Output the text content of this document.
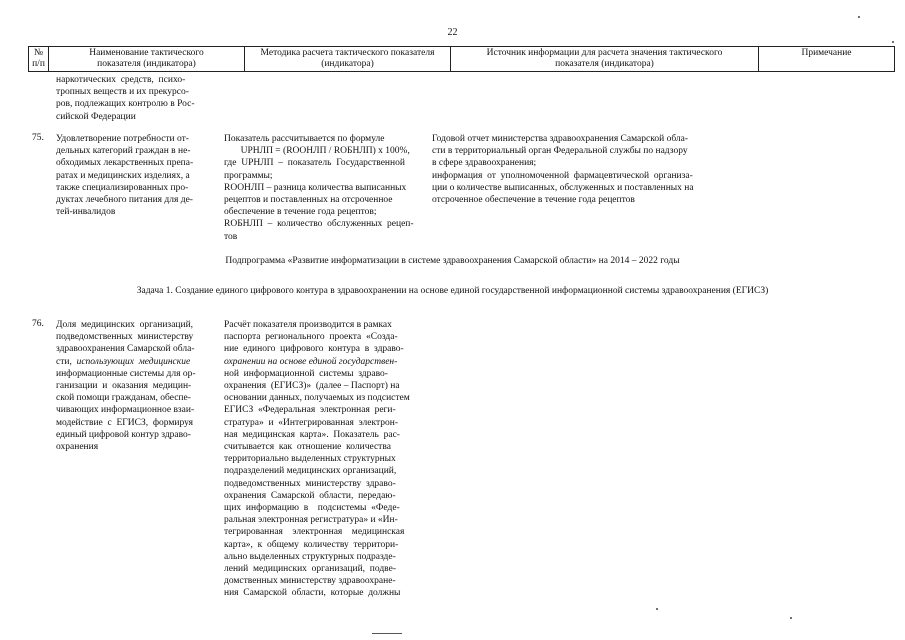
22
№ п/п
Наименование тактического
показателя (индикатора)
Методика расчета тактического показателя
(индикатора)
Источник информации для расчета значения тактического
показателя (индикатора)
Примечание

наркотических  средств,  психо-
тропных веществ и их прекурсо-
ров, подлежащих контролю в Рос-
сийской Федерации

75. Удовлетворение потребности от-
дельных категорий граждан в не-
обходимых лекарственных препа-
ратах и медицинских изделиях, а
также специализированных про-
дуктах лечебного питания для де-
тей-инвалидов

Показатель рассчитывается по формуле
UPНЛП = (RООНЛП / RОБНЛП) х 100%,
где  UPНЛП  –  показатель  Государственной
программы;
RООНЛП – разница количества выписанных
рецептов и поставленных на отсроченное
обеспечение в течение года рецептов;
RОБНЛП  –  количество  обслуженных  рецеп-
тов

Годовой отчет министерства здравоохранения Самарской обла-
сти в территориальный орган Федеральной службы по надзору
в сфере здравоохранения;
информация  от  уполномоченной  фармацевтической  организа-
ции о количестве выписанных, обслуженных и поставленных на
отсроченное обеспечение в течение года рецептов

Подпрограмма «Развитие информатизации в системе здравоохранения Самарской области» на 2014 – 2022 годы

Задача 1. Создание единого цифрового контура в здравоохранении на основе единой государственной информационной системы здравоохранения (ЕГИСЗ)

76. Доля  медицинских  организаций,
подведомственных  министерству
здравоохранения Самарской обла-
сти,  использующих  медицинские
информационные системы для ор-
ганизации  и  оказания  медицин-
ской помощи гражданам, обеспе-
чивающих информационное взаи-
модействие  с  ЕГИСЗ,  формируя
единый цифровой контур здраво-
охранения

Расчёт показателя производится в рамках
паспорта  регионального  проекта  «Созда-
ние  единого  цифрового  контура  в  здраво-
охранении на основе единой государствен-
ной  информационной  системы  здраво-
охранения  (ЕГИСЗ)»  (далее – Паспорт) на
основании данных, получаемых из подсистем
ЕГИСЗ  «Федеральная  электронная  реги-
стратура»  и  «Интегрированная  электрон-
ная  медицинская  карта».  Показатель  рас-
считывается  как  отношение  количества
территориально выделенных структурных
подразделений медицинских организаций,
подведомственных  министерству  здраво-
охранения  Самарской  области,  передаю-
щих  информацию  в    подсистемы  «Феде-
ральная электронная регистратура» и «Ин-
тегрированная    электронная    медицинская
карта»,  к  общему  количеству  территори-
ально выделенных структурных подразде-
лений  медицинских  организаций,  подве-
домственных министерству здравоохране-
ния  Самарской  области,  которые  должны
